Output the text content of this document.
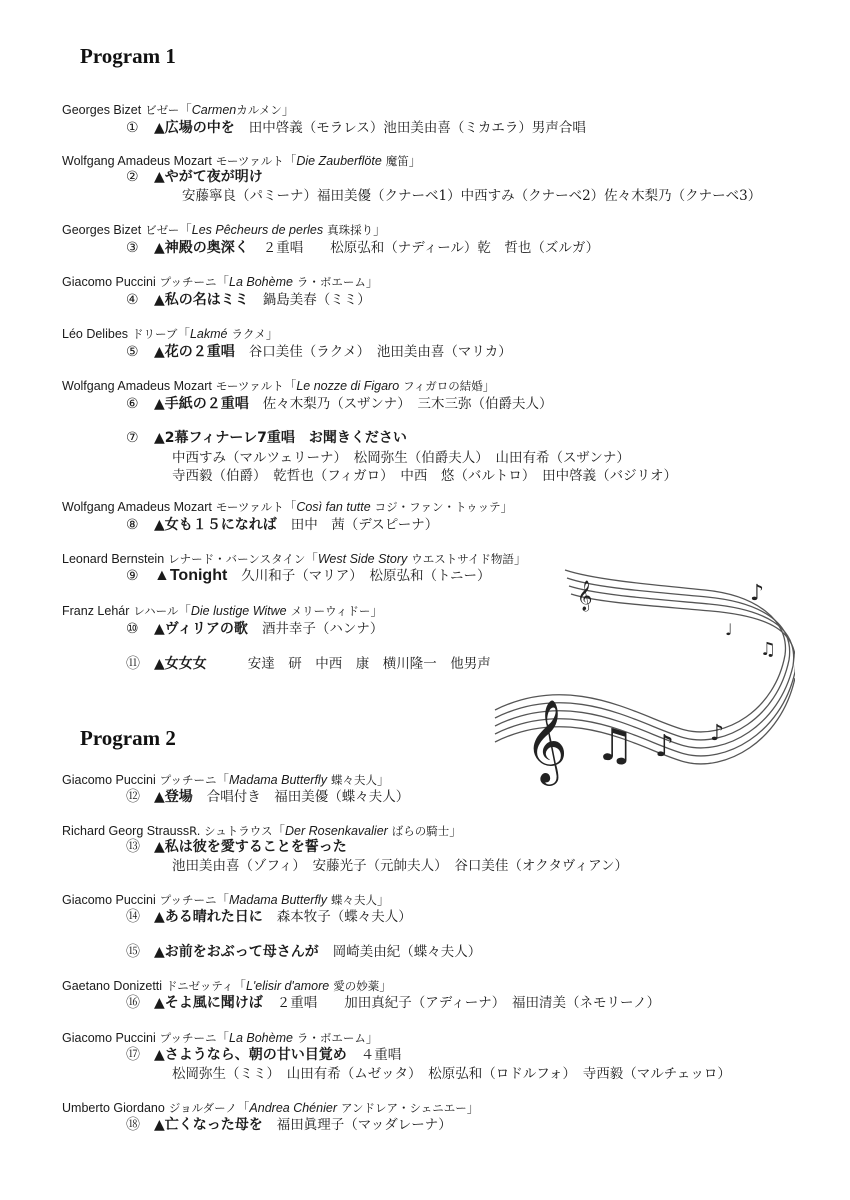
Program 1
Georges Bizet ビゼー「Carmenカルメン」
① ▲広場の中を 田中啓義（モラレス）池田美由喜（ミカエラ）男声合唱
Wolfgang Amadeus Mozart モーツァルト「Die Zauberflöte 魔笛」
② ▲やがて夜が明け
安藤寧良（パミーナ）福田美優（クナーベ1）中西すみ（クナーベ2）佐々木梨乃（クナーベ3）
Georges Bizet ビゼー「Les Pêcheurs de perles 真珠採り」
③ ▲神殿の奥深く ２重唱　　松原弘和（ナディール）乾　哲也（ズルガ）
Giacomo Puccini プッチーニ「La Bohème ラ・ボエーム」
④ ▲私の名はミミ 鍋島美春（ミミ）
Léo Delibes ドリーブ「Lakmé ラクメ」
⑤ ▲花の２重唱 谷口美佳（ラクメ）　池田美由喜（マリカ）
Wolfgang Amadeus Mozart モーツァルト「Le nozze di Figaro フィガロの結婚」
⑥ ▲手紙の２重唱 佐々木梨乃（スザンナ）　三木三弥（伯爵夫人）
⑦ ▲2幕フィナーレ7重唱　お聞きください
中西すみ（マルツェリーナ）　松岡弥生（伯爵夫人）　山田有希（スザンナ）
寺西毅（伯爵）　乾哲也（フィガロ）　中西　悠（バルトロ）　田中啓義（バジリオ）
Wolfgang Amadeus Mozart モーツァルト「Così fan tutte コジ・ファン・トゥッテ」
⑧ ▲女も１５になれば 田中　茜（デスピーナ）
Leonard Bernstein レナード・バーンスタイン「West Side Story ウエストサイド物語」
⑨ ▲Tonight 久川和子（マリア）　松原弘和（トニー）
Franz Lehár レハール「Die lustige Witwe メリーウィドー」
⑩ ▲ヴィリアの歌 酒井幸子（ハンナ）
⑪ ▲女女女　　安達　研　中西　康　横川隆一　他男声
𝄞
𝄞
♫ ♪ ♪
♪
♫
♩
Program 2
Giacomo Puccini プッチーニ「Madama Butterfly 蝶々夫人」
⑫ ▲登場 合唱付き　福田美優（蝶々夫人）
Richard Georg StraussR. シュトラウス「Der Rosenkavalier ばらの騎士」
⑬ ▲私は彼を愛することを誓った
池田美由喜（ゾフィ）　安藤光子（元帥夫人）　谷口美佳（オクタヴィアン）
Giacomo Puccini プッチーニ「Madama Butterfly 蝶々夫人」
⑭ ▲ある晴れた日に 森本牧子（蝶々夫人）
⑮ ▲お前をおぶって母さんが 岡崎美由紀（蝶々夫人）
Gaetano Donizetti ドニゼッティ「L'elisir d'amore 愛の妙薬」
⑯ ▲そよ風に聞けば ２重唱　　加田真紀子（アディーナ）　福田清美（ネモリーノ）
Giacomo Puccini プッチーニ「La Bohème ラ・ボエーム」
⑰ ▲さようなら、朝の甘い目覚め ４重唱
松岡弥生（ミミ）　山田有希（ムゼッタ）　松原弘和（ロドルフォ）　寺西毅（マルチェッロ）
Umberto Giordano ジョルダーノ「Andrea Chénier アンドレア・シェニエー」
⑱ ▲亡くなった母を 福田眞理子（マッダレーナ）
